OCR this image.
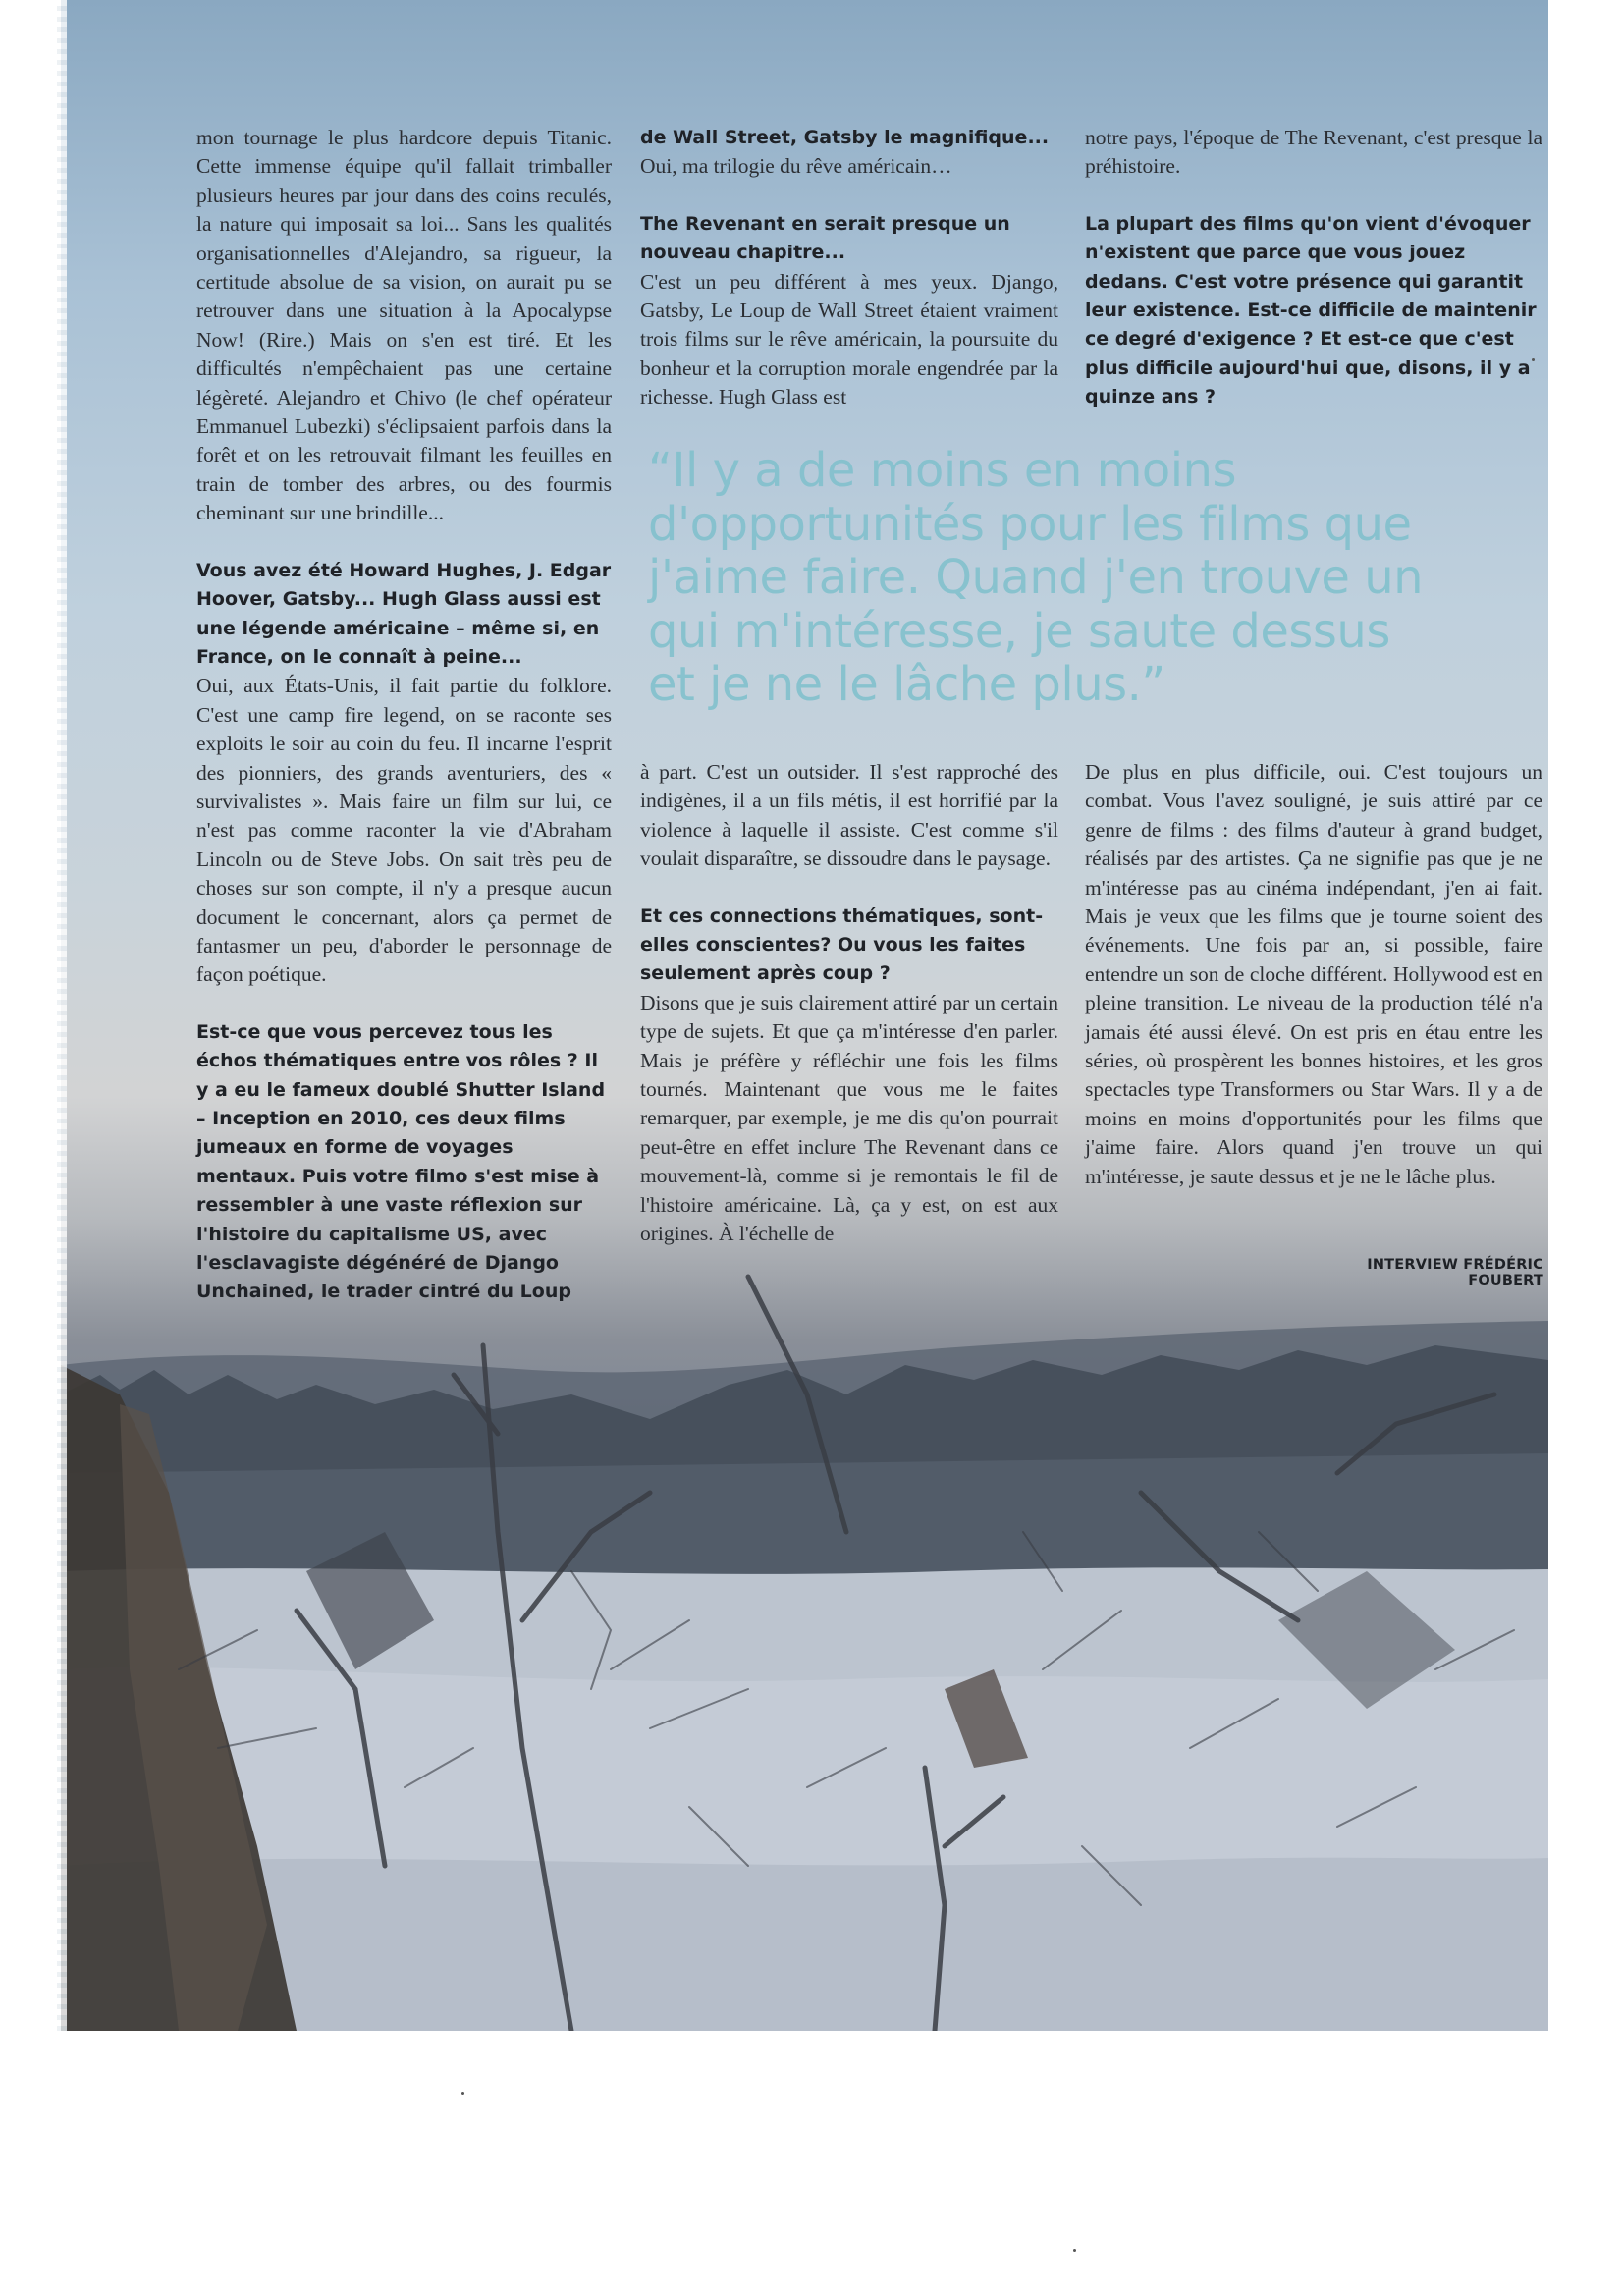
mon tournage le plus hardcore depuis Titanic. Cette immense équipe qu'il fallait trimballer plusieurs heures par jour dans des coins reculés, la nature qui imposait sa loi... Sans les qualités organisationnelles d'Alejandro, sa rigueur, la certitude absolue de sa vision, on aurait pu se retrouver dans une situation à la Apocalypse Now! (Rire.) Mais on s'en est tiré. Et les difficultés n'empêchaient pas une certaine légèreté. Alejandro et Chivo (le chef opérateur Emmanuel Lubezki) s'éclipsaient parfois dans la forêt et on les retrouvait filmant les feuilles en train de tomber des arbres, ou des fourmis cheminant sur une brindille...

Vous avez été Howard Hughes, J. Edgar Hoover, Gatsby... Hugh Glass aussi est une légende américaine – même si, en France, on le connaît à peine...

Oui, aux États-Unis, il fait partie du folklore. C'est une camp fire legend, on se raconte ses exploits le soir au coin du feu. Il incarne l'esprit des pionniers, des grands aventuriers, des « survivalistes ». Mais faire un film sur lui, ce n'est pas comme raconter la vie d'Abraham Lincoln ou de Steve Jobs. On sait très peu de choses sur son compte, il n'y a presque aucun document le concernant, alors ça permet de fantasmer un peu, d'aborder le personnage de façon poétique.

Est-ce que vous percevez tous les échos thématiques entre vos rôles ? Il y a eu le fameux doublé Shutter Island – Inception en 2010, ces deux films jumeaux en forme de voyages mentaux. Puis votre filmo s'est mise à ressembler à une vaste réflexion sur l'histoire du capitalisme US, avec l'esclavagiste dégénéré de Django Unchained, le trader cintré du Loup

de Wall Street, Gatsby le magnifique...

Oui, ma trilogie du rêve américain…

The Revenant en serait presque un nouveau chapitre...

C'est un peu différent à mes yeux. Django, Gatsby, Le Loup de Wall Street étaient vraiment trois films sur le rêve américain, la poursuite du bonheur et la corruption morale engendrée par la richesse. Hugh Glass est

notre pays, l'époque de The Revenant, c'est presque la préhistoire.

La plupart des films qu'on vient d'évoquer n'existent que parce que vous jouez dedans. C'est votre présence qui garantit leur existence. Est-ce difficile de maintenir ce degré d'exigence ? Et est-ce que c'est plus difficile aujourd'hui que, disons, il y a quinze ans ?

“Il y a de moins en moins
d'opportunités pour les films que
j'aime faire. Quand j'en trouve un
qui m'intéresse, je saute dessus
et je ne le lâche plus.”

à part. C'est un outsider. Il s'est rapproché des indigènes, il a un fils métis, il est horrifié par la violence à laquelle il assiste. C'est comme s'il voulait disparaître, se dissoudre dans le paysage.

Et ces connections thématiques, sont-elles conscientes? Ou vous les faites seulement après coup ?

Disons que je suis clairement attiré par un certain type de sujets. Et que ça m'intéresse d'en parler. Mais je préfère y réfléchir une fois les films tournés. Maintenant que vous me le faites remarquer, par exemple, je me dis qu'on pourrait peut-être en effet inclure The Revenant dans ce mouvement-là, comme si je remontais le fil de l'histoire américaine. Là, ça y est, on est aux origines. À l'échelle de

De plus en plus difficile, oui. C'est toujours un combat. Vous l'avez souligné, je suis attiré par ce genre de films : des films d'auteur à grand budget, réalisés par des artistes. Ça ne signifie pas que je ne m'intéresse pas au cinéma indépendant, j'en ai fait. Mais je veux que les films que je tourne soient des événements. Une fois par an, si possible, faire entendre un son de cloche différent. Hollywood est en pleine transition. Le niveau de la production télé n'a jamais été aussi élevé. On est pris en étau entre les séries, où prospèrent les bonnes histoires, et les gros spectacles type Transformers ou Star Wars. Il y a de moins en moins d'opportunités pour les films que j'aime faire. Alors quand j'en trouve un qui m'intéresse, je saute dessus et je ne le lâche plus.

INTERVIEW FRÉDÉRIC FOUBERT
